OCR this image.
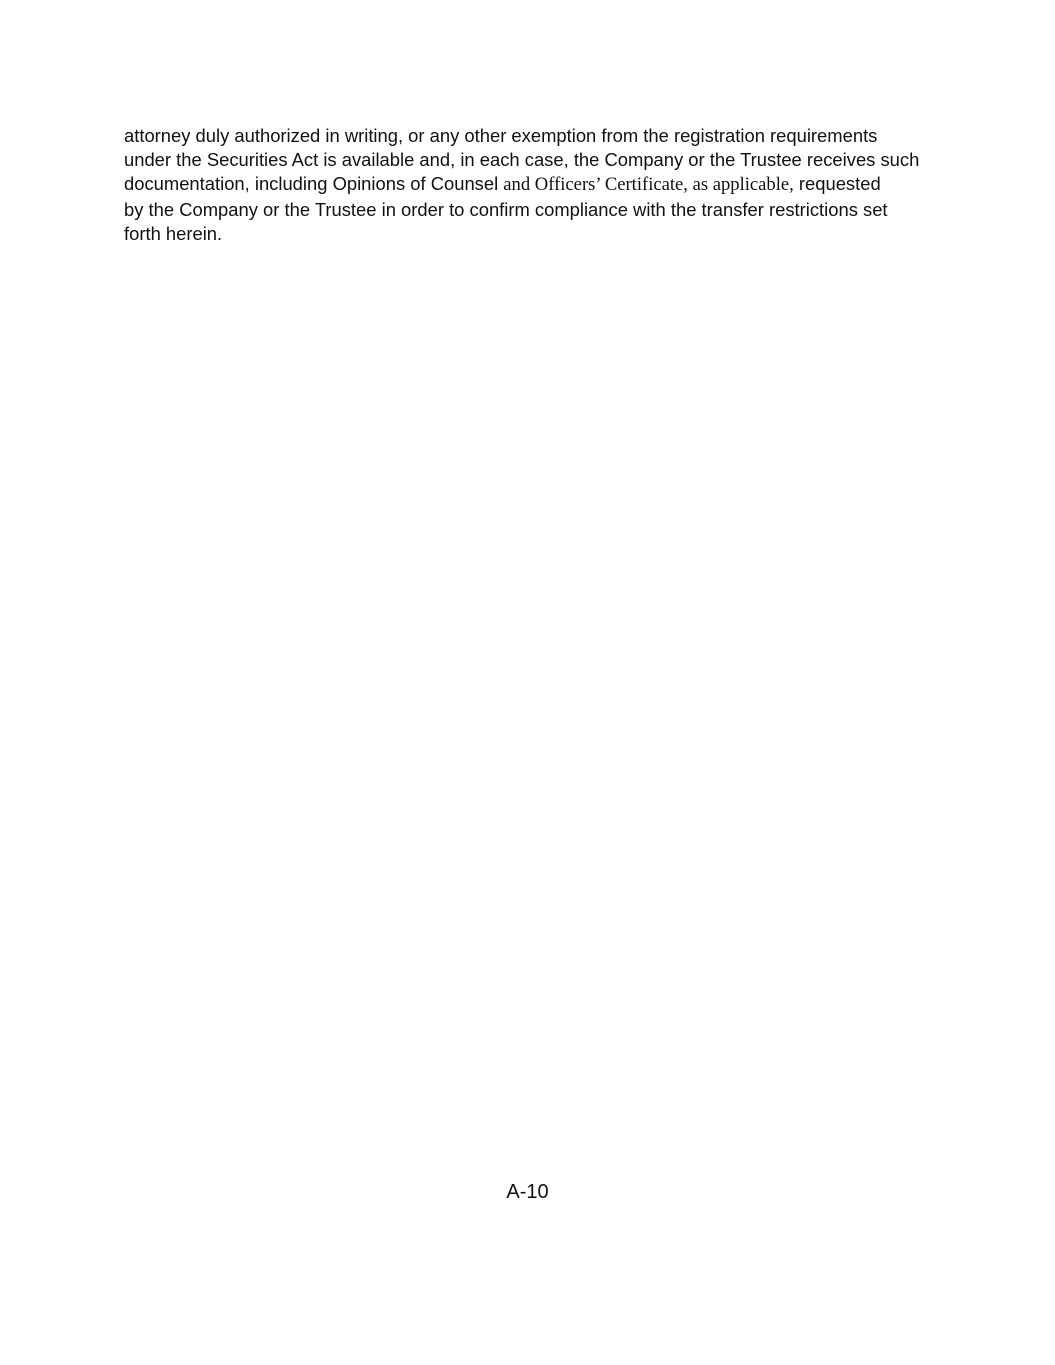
attorney duly authorized in writing, or any other exemption from the registration requirements
under the Securities Act is available and, in each case, the Company or the Trustee receives such
documentation, including Opinions of Counsel and Officers’ Certificate, as applicable, requested
by the Company or the Trustee in order to confirm compliance with the transfer restrictions set
forth herein.

A-10
